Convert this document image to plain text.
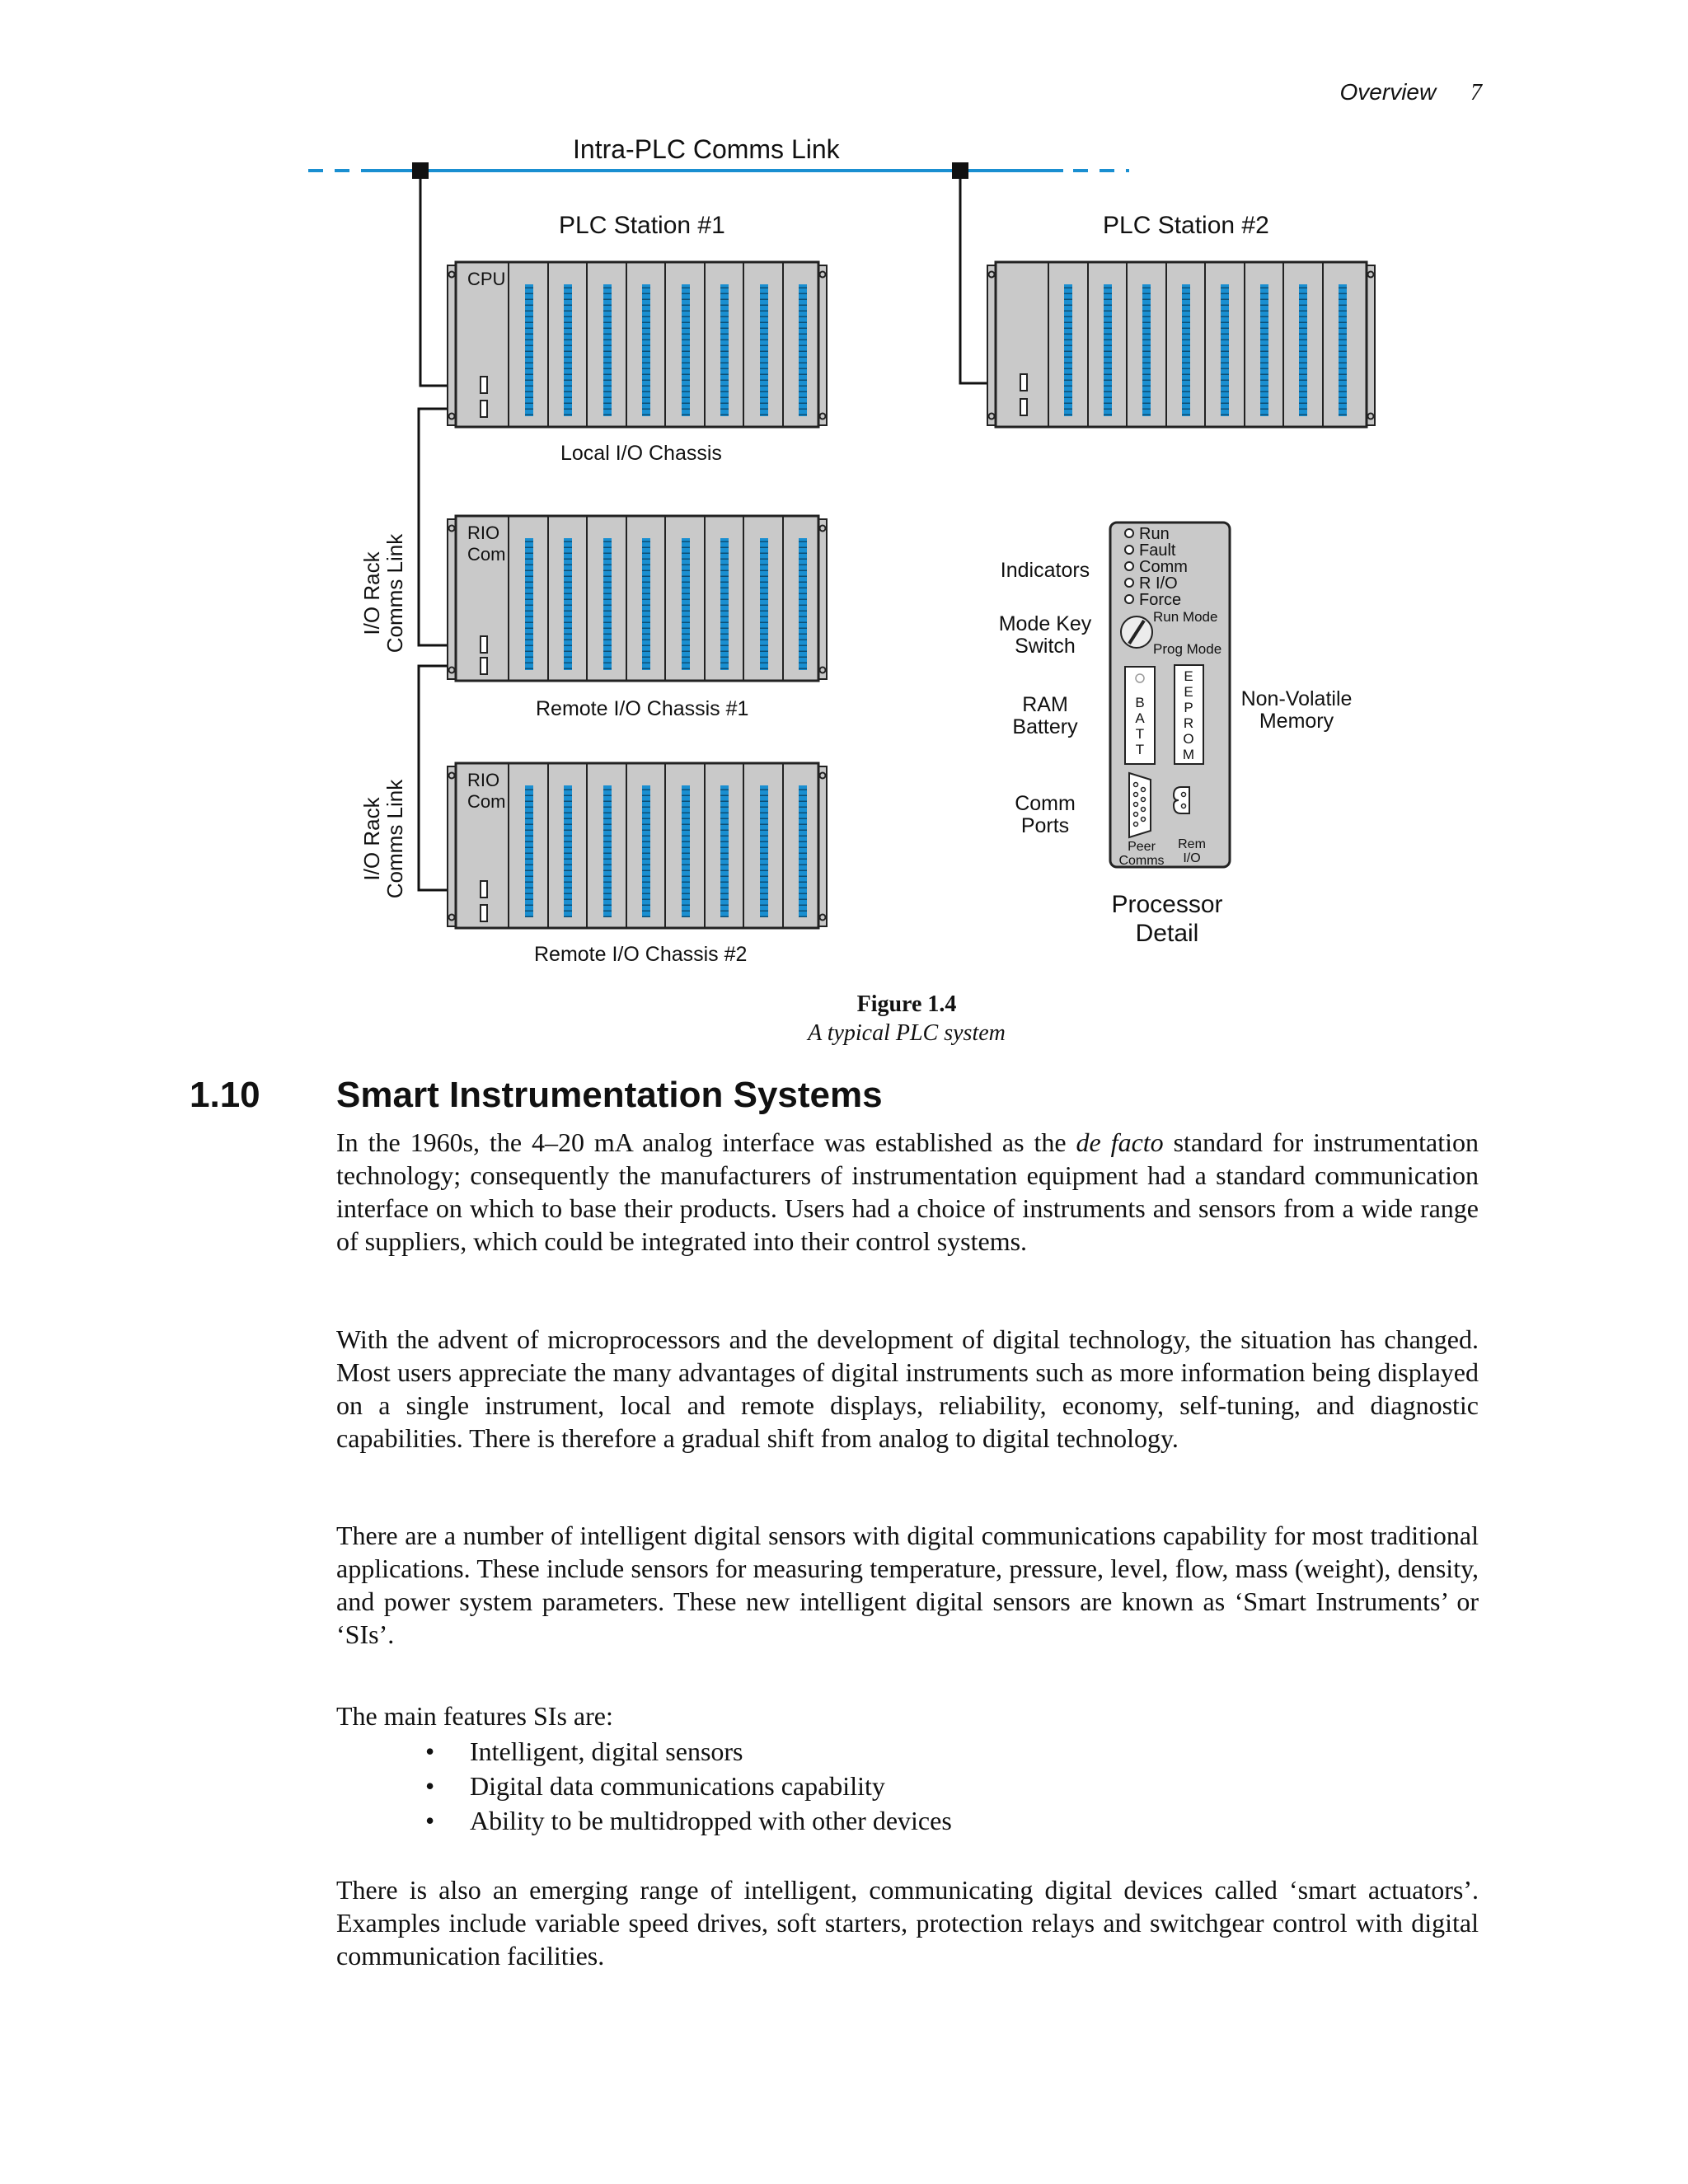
Overview 7
Intra-PLC Comms Link
PLC Station #1	PLC Station #2
CPU
Local I/O Chassis
RIO
Com
Remote I/O Chassis #1
RIO
Com
Remote I/O Chassis #2
I/O Rack
Comms Link
I/O Rack
Comms Link
Run
Fault
Comm
R I/O
Force
Run Mode
Prog Mode
B
A
T
T
E
E
P
R
O
M
Peer
Comms
Rem
I/O
Indicators
Mode Key
Switch
RAM
Battery
Comm
Ports
Non-Volatile
Memory
Processor
Detail
Figure 1.4
A typical PLC system
1.10 Smart Instrumentation Systems

In the 1960s, the 4–20 mA analog interface was established as the de facto standard for instrumentation technology; consequently the manufacturers of instrumentation equipment had a standard communication interface on which to base their products. Users had a choice of instruments and sensors from a wide range of suppliers, which could be integrated into their control systems.

With the advent of microprocessors and the development of digital technology, the situation has changed. Most users appreciate the many advantages of digital instruments such as more information being displayed on a single instrument, local and remote displays, reliability, economy, self-tuning, and diagnostic capabilities. There is therefore a gradual shift from analog to digital technology.

There are a number of intelligent digital sensors with digital communications capability for most traditional applications. These include sensors for measuring temperature, pressure, level, flow, mass (weight), density, and power system parameters. These new intelligent digital sensors are known as ‘Smart Instruments’ or ‘SIs’.

The main features SIs are:

• Intelligent, digital sensors
• Digital data communications capability
• Ability to be multidropped with other devices

There is also an emerging range of intelligent, communicating digital devices called ‘smart actuators’. Examples include variable speed drives, soft starters, protection relays and switchgear control with digital communication facilities.
